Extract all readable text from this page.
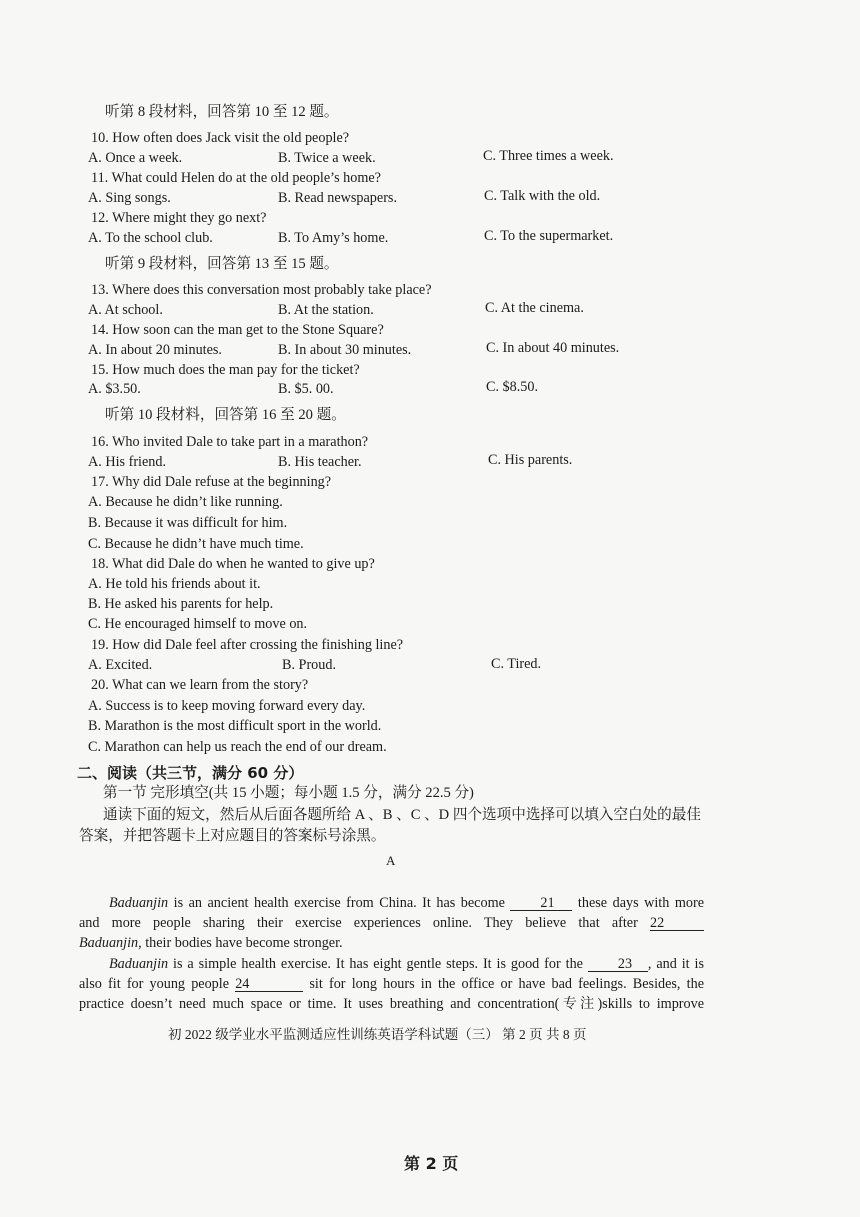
听第 8 段材料，回答第 10 至 12 题。
10. How often does Jack visit the old people?
A. Once a week.	B. Twice a week.	C. Three times a week.
11. What could Helen do at the old people’s home?
A. Sing songs.	B. Read newspapers.	C. Talk with the old.
12. Where might they go next?
A. To the school club.	B. To Amy’s home.	C. To the supermarket.
听第 9 段材料，回答第 13 至 15 题。
13. Where does this conversation most probably take place?
A. At school.	B. At the station.	C. At the cinema.
14. How soon can the man get to the Stone Square?
A. In about 20 minutes.	B. In about 30 minutes.	C. In about 40 minutes.
15. How much does the man pay for the ticket?
A. $3.50.	B. $5. 00.	C. $8.50.
听第 10 段材料，回答第 16 至 20 题。
16. Who invited Dale to take part in a marathon?
A. His friend.	B. His teacher.	C. His parents.
17. Why did Dale refuse at the beginning?
A. Because he didn’t like running.
B. Because it was difficult for him.
C. Because he didn’t have much time.
18. What did Dale do when he wanted to give up?
A. He told his friends about it.
B. He asked his parents for help.
C. He encouraged himself to move on.
19. How did Dale feel after crossing the finishing line?
A. Excited.	B. Proud.	C. Tired.
20. What can we learn from the story?
A. Success is to keep moving forward every day.
B. Marathon is the most difficult sport in the world.
C. Marathon can help us reach the end of our dream.
二、阅读（共三节，满分 60 分）
第一节 完形填空(共 15 小题；每小题 1.5 分，满分 22.5 分)
通读下面的短文，然后从后面各题所给 A 、B 、C 、D 四个选项中选择可以填入空白处的最佳
答案，并把答题卡上对应题目的答案标号涂黑。
A
Baduanjin is an ancient health exercise from China. It has become 21 these days with more
and more people sharing their exercise experiences online. They believe that after 22
Baduanjin, their bodies have become stronger.
Baduanjin is a simple health exercise. It has eight gentle steps. It is good for the 23 , and it is
also fit for young people 24	sit for long hours in the office or have bad feelings. Besides, the
practice doesn’t need much space or time. It uses breathing and concentration(专注)skills to improve
初 2022 级学业水平监测适应性训练英语学科试题（三） 第 2 页 共 8 页
第 2 页
